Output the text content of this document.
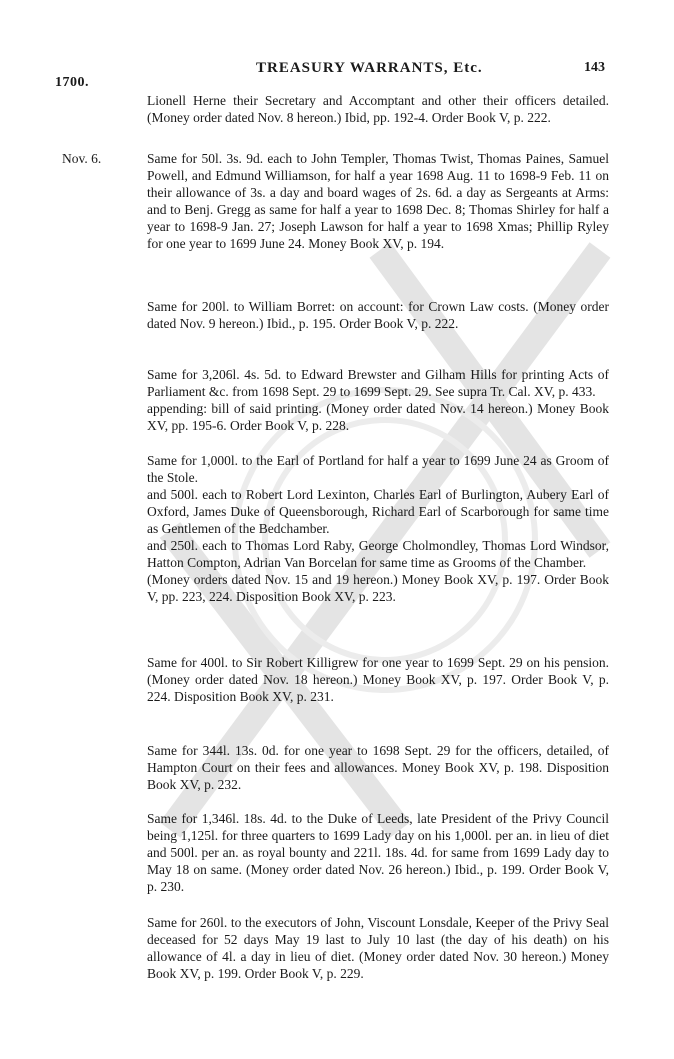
TREASURY WARRANTS, Etc.	143
1700.
Nov. 6.

Lionell Herne their Secretary and Accomptant and other their officers detailed. (Money order dated Nov. 8 hereon.) Ibid, pp. 192-4. Order Book V, p. 222.

Same for 50l. 3s. 9d. each to John Templer, Thomas Twist, Thomas Paines, Samuel Powell, and Edmund Williamson, for half a year 1698 Aug. 11 to 1698-9 Feb. 11 on their allowance of 3s. a day and board wages of 2s. 6d. a day as Sergeants at Arms: and to Benj. Gregg as same for half a year to 1698 Dec. 8; Thomas Shirley for half a year to 1698-9 Jan. 27; Joseph Lawson for half a year to 1698 Xmas; Phillip Ryley for one year to 1699 June 24. Money Book XV, p. 194.

Same for 200l. to William Borret: on account: for Crown Law costs. (Money order dated Nov. 9 hereon.) Ibid., p. 195. Order Book V, p. 222.

Same for 3,206l. 4s. 5d. to Edward Brewster and Gilham Hills for printing Acts of Parliament &c. from 1698 Sept. 29 to 1699 Sept. 29. See supra Tr. Cal. XV, p. 433.

appending: bill of said printing. (Money order dated Nov. 14 hereon.) Money Book XV, pp. 195-6. Order Book V, p. 228.

Same for 1,000l. to the Earl of Portland for half a year to 1699 June 24 as Groom of the Stole.

and 500l. each to Robert Lord Lexinton, Charles Earl of Burlington, Aubery Earl of Oxford, James Duke of Queensborough, Richard Earl of Scarborough for same time as Gentlemen of the Bedchamber.

and 250l. each to Thomas Lord Raby, George Cholmondley, Thomas Lord Windsor, Hatton Compton, Adrian Van Borcelan for same time as Grooms of the Chamber.

(Money orders dated Nov. 15 and 19 hereon.) Money Book XV, p. 197. Order Book V, pp. 223, 224. Disposition Book XV, p. 223.

Same for 400l. to Sir Robert Killigrew for one year to 1699 Sept. 29 on his pension. (Money order dated Nov. 18 hereon.) Money Book XV, p. 197. Order Book V, p. 224. Disposition Book XV, p. 231.

Same for 344l. 13s. 0d. for one year to 1698 Sept. 29 for the officers, detailed, of Hampton Court on their fees and allowances. Money Book XV, p. 198. Disposition Book XV, p. 232.

Same for 1,346l. 18s. 4d. to the Duke of Leeds, late President of the Privy Council being 1,125l. for three quarters to 1699 Lady day on his 1,000l. per an. in lieu of diet and 500l. per an. as royal bounty and 221l. 18s. 4d. for same from 1699 Lady day to May 18 on same. (Money order dated Nov. 26 hereon.) Ibid., p. 199. Order Book V, p. 230.

Same for 260l. to the executors of John, Viscount Lonsdale, Keeper of the Privy Seal deceased for 52 days May 19 last to July 10 last (the day of his death) on his allowance of 4l. a day in lieu of diet. (Money order dated Nov. 30 hereon.) Money Book XV, p. 199. Order Book V, p. 229.
